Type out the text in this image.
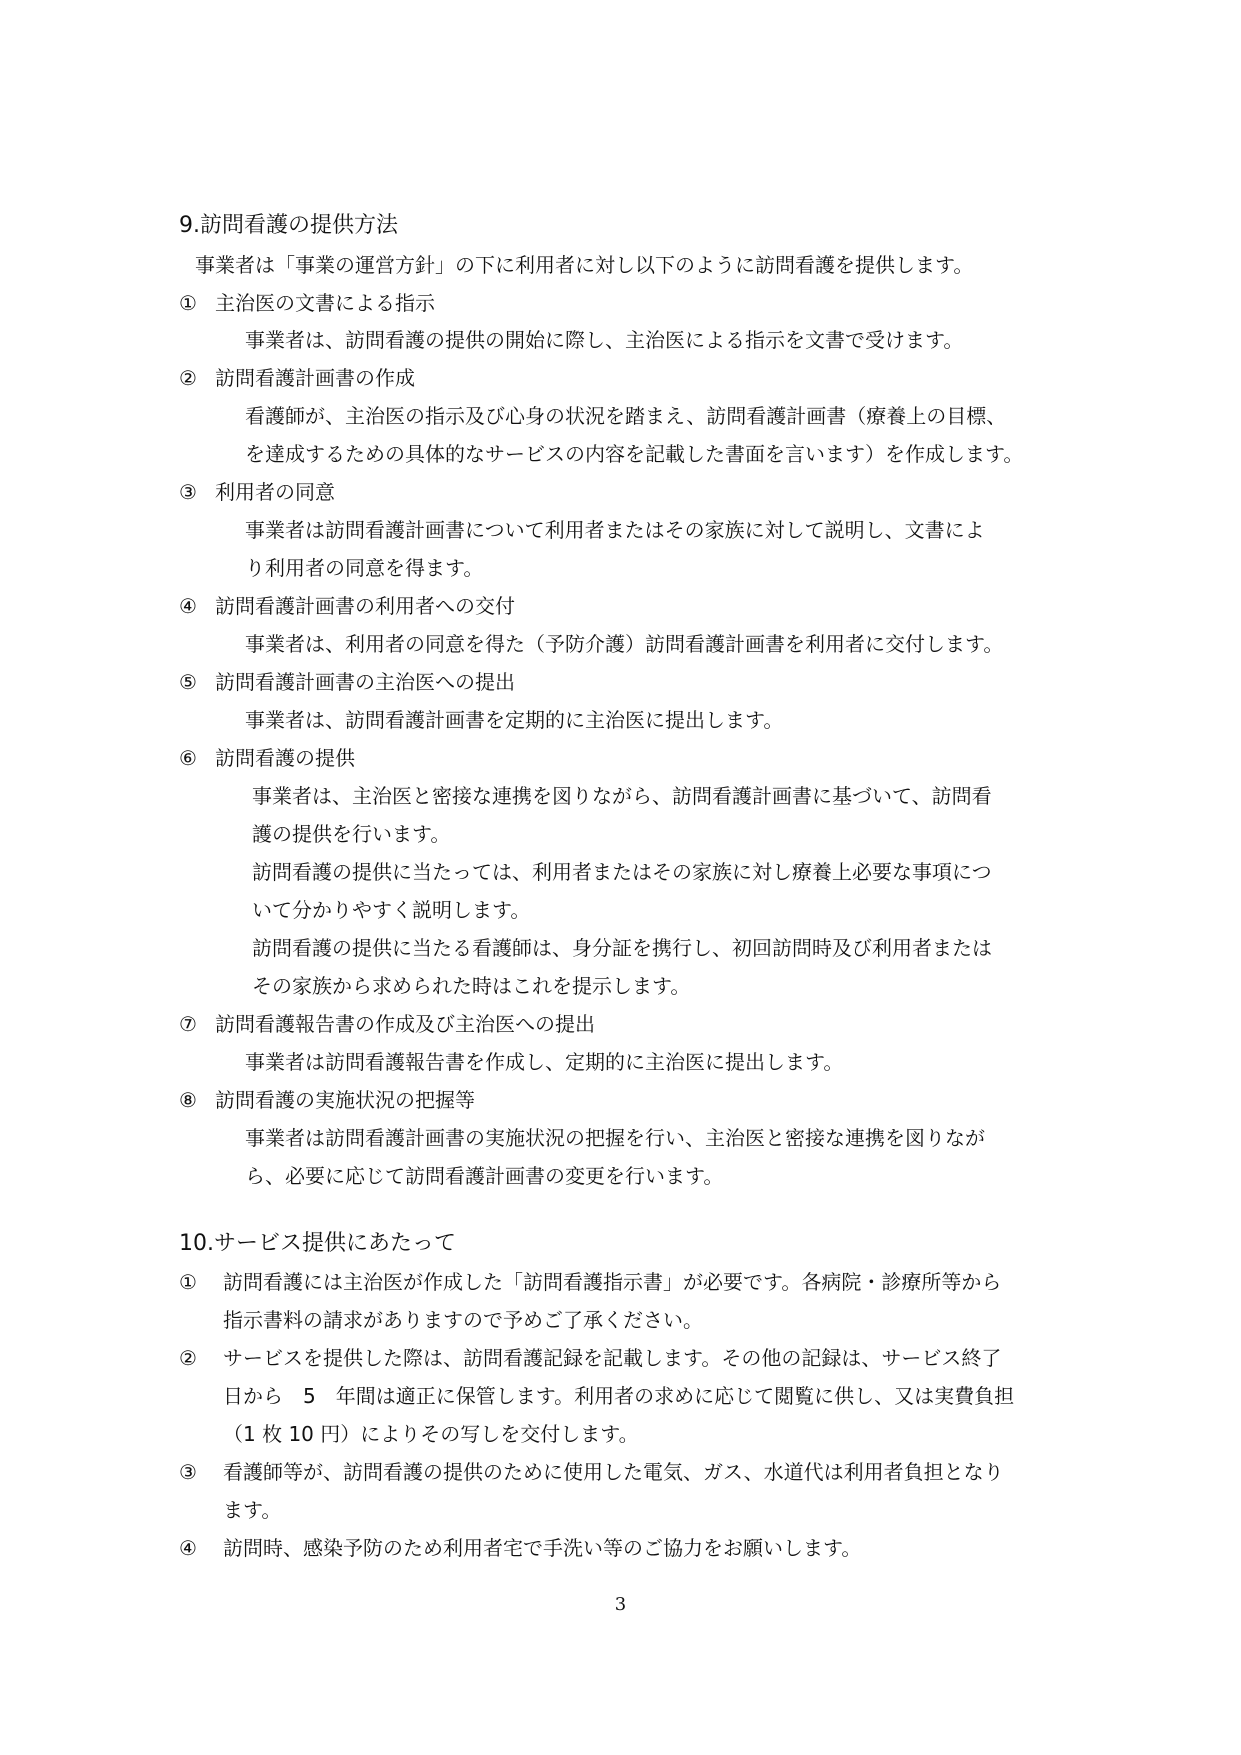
9.訪問看護の提供方法
事業者は「事業の運営方針」の下に利用者に対し以下のように訪問看護を提供します。
① 主治医の文書による指示
事業者は、訪問看護の提供の開始に際し、主治医による指示を文書で受けます。
② 訪問看護計画書の作成
看護師が、主治医の指示及び心身の状況を踏まえ、訪問看護計画書（療養上の目標、
を達成するための具体的なサービスの内容を記載した書面を言います）を作成します。
③ 利用者の同意
事業者は訪問看護計画書について利用者またはその家族に対して説明し、文書によ
り利用者の同意を得ます。
④ 訪問看護計画書の利用者への交付
事業者は、利用者の同意を得た（予防介護）訪問看護計画書を利用者に交付します。
⑤ 訪問看護計画書の主治医への提出
事業者は、訪問看護計画書を定期的に主治医に提出します。
⑥ 訪問看護の提供
事業者は、主治医と密接な連携を図りながら、訪問看護計画書に基づいて、訪問看
護の提供を行います。
訪問看護の提供に当たっては、利用者またはその家族に対し療養上必要な事項につ
いて分かりやすく説明します。
訪問看護の提供に当たる看護師は、身分証を携行し、初回訪問時及び利用者または
その家族から求められた時はこれを提示します。
⑦ 訪問看護報告書の作成及び主治医への提出
事業者は訪問看護報告書を作成し、定期的に主治医に提出します。
⑧ 訪問看護の実施状況の把握等
事業者は訪問看護計画書の実施状況の把握を行い、主治医と密接な連携を図りなが
ら、必要に応じて訪問看護計画書の変更を行います。
10.サービス提供にあたって
① 訪問看護には主治医が作成した「訪問看護指示書」が必要です。各病院・診療所等から
指示書料の請求がありますので予めご了承ください。
② サービスを提供した際は、訪問看護記録を記載します。その他の記録は、サービス終了
日から　5　年間は適正に保管します。利用者の求めに応じて閲覧に供し、又は実費負担
（1 枚 10 円）によりその写しを交付します。
③ 看護師等が、訪問看護の提供のために使用した電気、ガス、水道代は利用者負担となり
ます。
④ 訪問時、感染予防のため利用者宅で手洗い等のご協力をお願いします。
3
